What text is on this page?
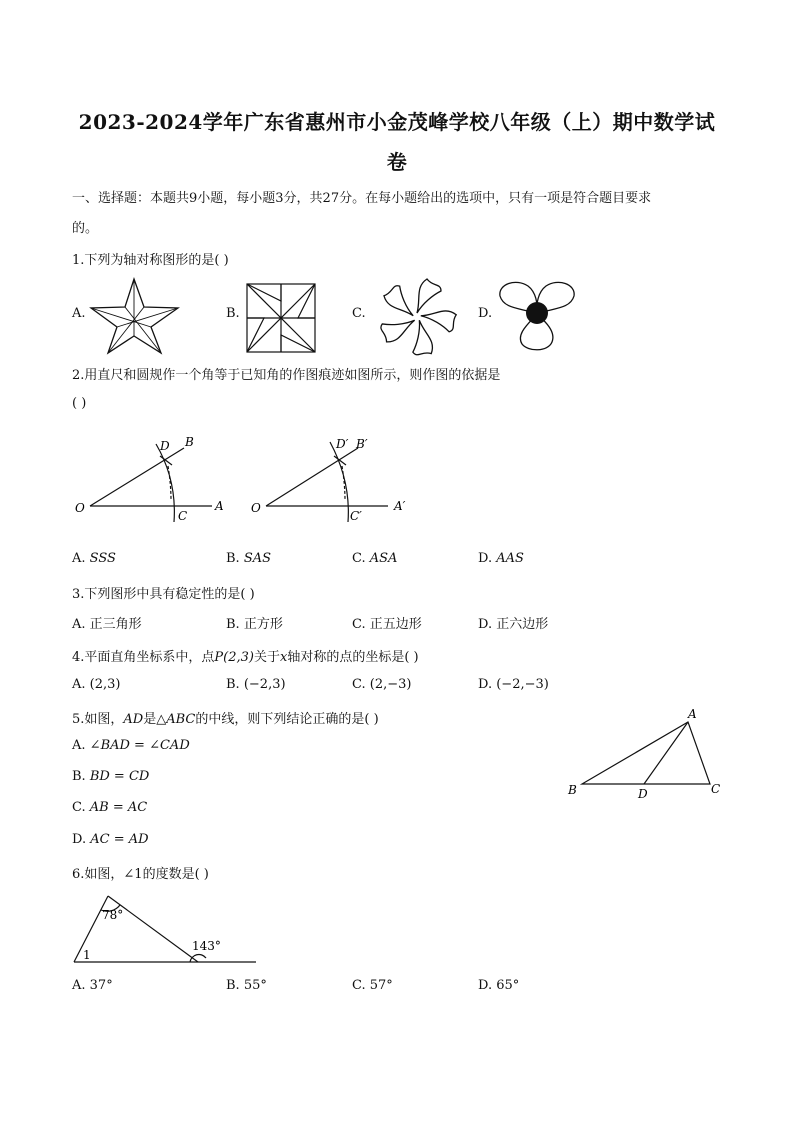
2023-2024学年广东省惠州市小金茂峰学校八年级（上）期中数学试
卷
一、选择题：本题共9小题，每小题3分，共27分。在每小题给出的选项中，只有一项是符合题目要求
的。
1.下列为轴对称图形的是( )
A.	B.	C.	D.
2.用直尺和圆规作一个角等于已知角的作图痕迹如图所示，则作图的依据是
( )
O	A
B
C
D
O	A′
B′
C′
D′
A. SSS	B. SAS	C. ASA	D. AAS
3.下列图形中具有稳定性的是( )
A. 正三角形	B. 正方形	C. 正五边形	D. 正六边形
4.平面直角坐标系中，点P(2,3)关于x轴对称的点的坐标是( )
A. (2,3)	B. (−2,3)	C. (2,−3)	D. (−2,−3)
5.如图，AD是△ABC的中线，则下列结论正确的是( )
A. ∠BAD = ∠CAD
B. BD = CD
C. AB = AC
D. AC = AD
A
B	C
D
6.如图，∠1的度数是( )
78°
143°
1
A. 37°	B. 55°	C. 57°	D. 65°
